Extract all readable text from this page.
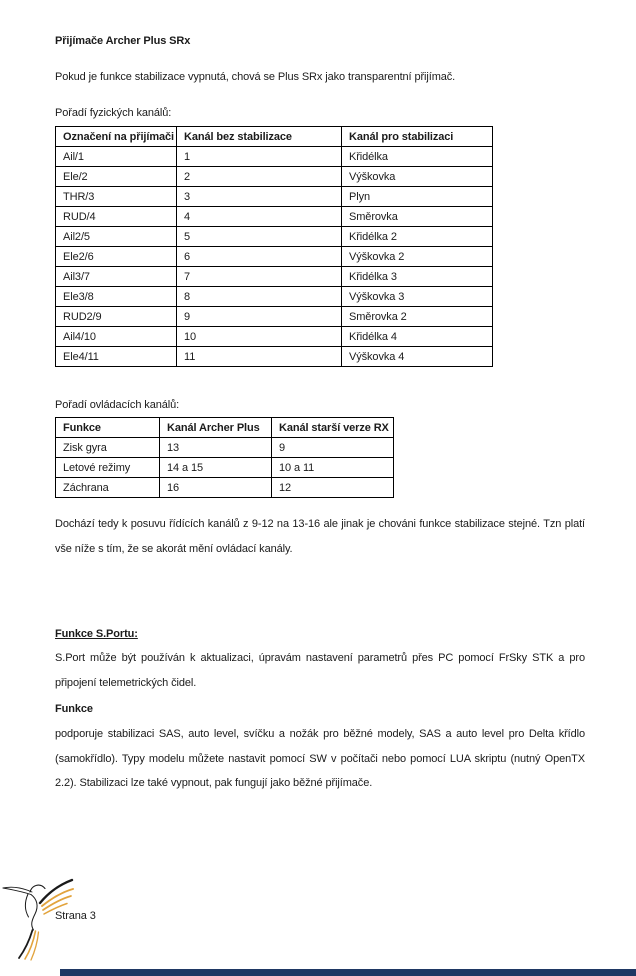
Přijímače Archer Plus SRx
Pokud je funkce stabilizace vypnutá, chová se Plus SRx jako transparentní přijímač.
Pořadí fyzických kanálů:
Označení na přijímači	Kanál bez stabilizace	Kanál pro stabilizaci
Ail/1	1	Křidélka
Ele/2	2	Výškovka
THR/3	3	Plyn
RUD/4	4	Směrovka
Ail2/5	5	Křidélka 2
Ele2/6	6	Výškovka 2
Ail3/7	7	Křidélka 3
Ele3/8	8	Výškovka 3
RUD2/9	9	Směrovka 2
Ail4/10	10	Křidélka 4
Ele4/11	11	Výškovka 4
Pořadí ovládacích kanálů:
Funkce	Kanál Archer Plus	Kanál starší verze RX
Zisk gyra	13	9
Letové režimy	14 a 15	10 a 11
Záchrana	16	12
Dochází tedy k posuvu řídících kanálů z 9-12 na 13-16 ale jinak je chováni funkce stabilizace stejné. Tzn platí vše níže s tím, že se akorát mění ovládací kanály.
Funkce S.Portu:
S.Port může být používán k aktualizaci, úpravám nastavení parametrů přes PC pomocí FrSky STK a pro připojení telemetrických čidel.
Funkce
podporuje stabilizaci SAS, auto level, svíčku a nožák pro běžné modely, SAS a auto level pro Delta křídlo (samokřídlo). Typy modelu můžete nastavit pomocí SW v počítači nebo pomocí LUA skriptu (nutný OpenTX 2.2). Stabilizaci lze také vypnout, pak fungují jako běžné přijímače.
Strana 3
